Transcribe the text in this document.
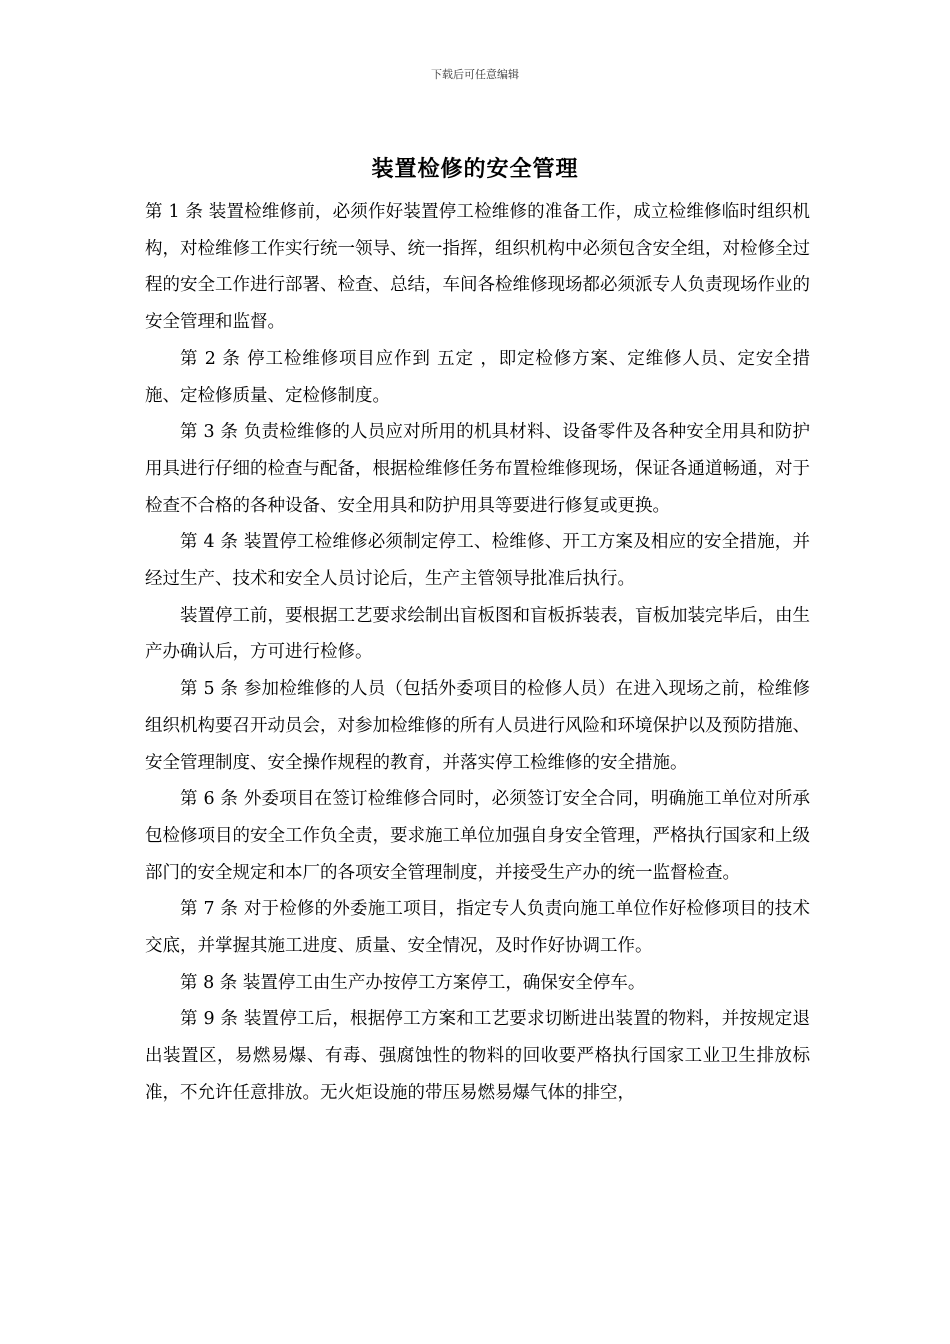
下载后可任意编辑
装置检修的安全管理

第 1 条 装置检维修前，必须作好装置停工检维修的准备工作，成立检维修临时组织机构，对检维修工作实行统一领导、统一指挥，组织机构中必须包含安全组，对检修全过程的安全工作进行部署、检查、总结，车间各检维修现场都必须派专人负责现场作业的安全管理和监督。

第 2 条 停工检维修项目应作到 五定 ，即定检修方案、定维修人员、定安全措施、定检修质量、定检修制度。

第 3 条 负责检维修的人员应对所用的机具材料、设备零件及各种安全用具和防护用具进行仔细的检查与配备，根据检维修任务布置检维修现场，保证各通道畅通，对于检查不合格的各种设备、安全用具和防护用具等要进行修复或更换。

第 4 条 装置停工检维修必须制定停工、检维修、开工方案及相应的安全措施，并经过生产、技术和安全人员讨论后，生产主管领导批准后执行。

装置停工前，要根据工艺要求绘制出盲板图和盲板拆装表，盲板加装完毕后，由生产办确认后，方可进行检修。

第 5 条 参加检维修的人员（包括外委项目的检修人员）在进入现场之前，检维修组织机构要召开动员会，对参加检维修的所有人员进行风险和环境保护以及预防措施、安全管理制度、安全操作规程的教育，并落实停工检维修的安全措施。

第 6 条 外委项目在签订检维修合同时，必须签订安全合同，明确施工单位对所承包检修项目的安全工作负全责，要求施工单位加强自身安全管理，严格执行国家和上级部门的安全规定和本厂的各项安全管理制度，并接受生产办的统一监督检查。

第 7 条 对于检修的外委施工项目，指定专人负责向施工单位作好检修项目的技术交底，并掌握其施工进度、质量、安全情况，及时作好协调工作。

第 8 条 装置停工由生产办按停工方案停工，确保安全停车。

第 9 条 装置停工后，根据停工方案和工艺要求切断进出装置的物料，并按规定退出装置区，易燃易爆、有毒、强腐蚀性的物料的回收要严格执行国家工业卫生排放标准，不允许任意排放。无火炬设施的带压易燃易爆气体的排空，
